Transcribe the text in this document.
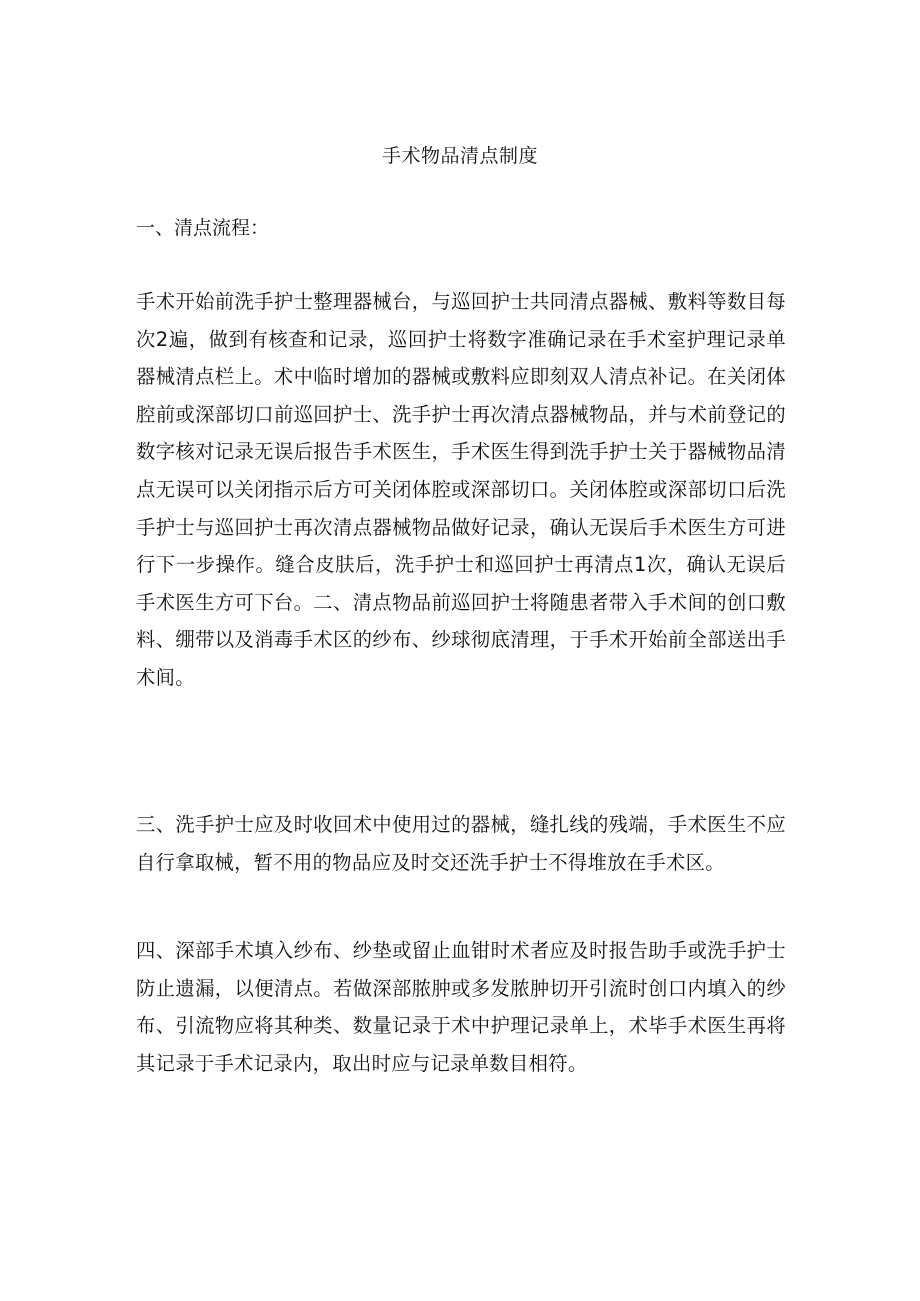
手术物品清点制度
一、清点流程：

手术开始前洗手护士整理器械台，与巡回护士共同清点器械、敷料等数目每次2遍，做到有核查和记录，巡回护士将数字准确记录在手术室护理记录单器械清点栏上。术中临时增加的器械或敷料应即刻双人清点补记。在关闭体腔前或深部切口前巡回护士、洗手护士再次清点器械物品，并与术前登记的数字核对记录无误后报告手术医生，手术医生得到洗手护士关于器械物品清点无误可以关闭指示后方可关闭体腔或深部切口。关闭体腔或深部切口后洗手护士与巡回护士再次清点器械物品做好记录，确认无误后手术医生方可进行下一步操作。缝合皮肤后，洗手护士和巡回护士再清点1次，确认无误后手术医生方可下台。二、清点物品前巡回护士将随患者带入手术间的创口敷料、绷带以及消毒手术区的纱布、纱球彻底清理，于手术开始前全部送出手术间。

三、洗手护士应及时收回术中使用过的器械，缝扎线的残端，手术医生不应自行拿取械，暂不用的物品应及时交还洗手护士不得堆放在手术区。

四、深部手术填入纱布、纱垫或留止血钳时术者应及时报告助手或洗手护士防止遗漏，以便清点。若做深部脓肿或多发脓肿切开引流时创口内填入的纱布、引流物应将其种类、数量记录于术中护理记录单上，术毕手术医生再将其记录于手术记录内，取出时应与记录单数目相符。
